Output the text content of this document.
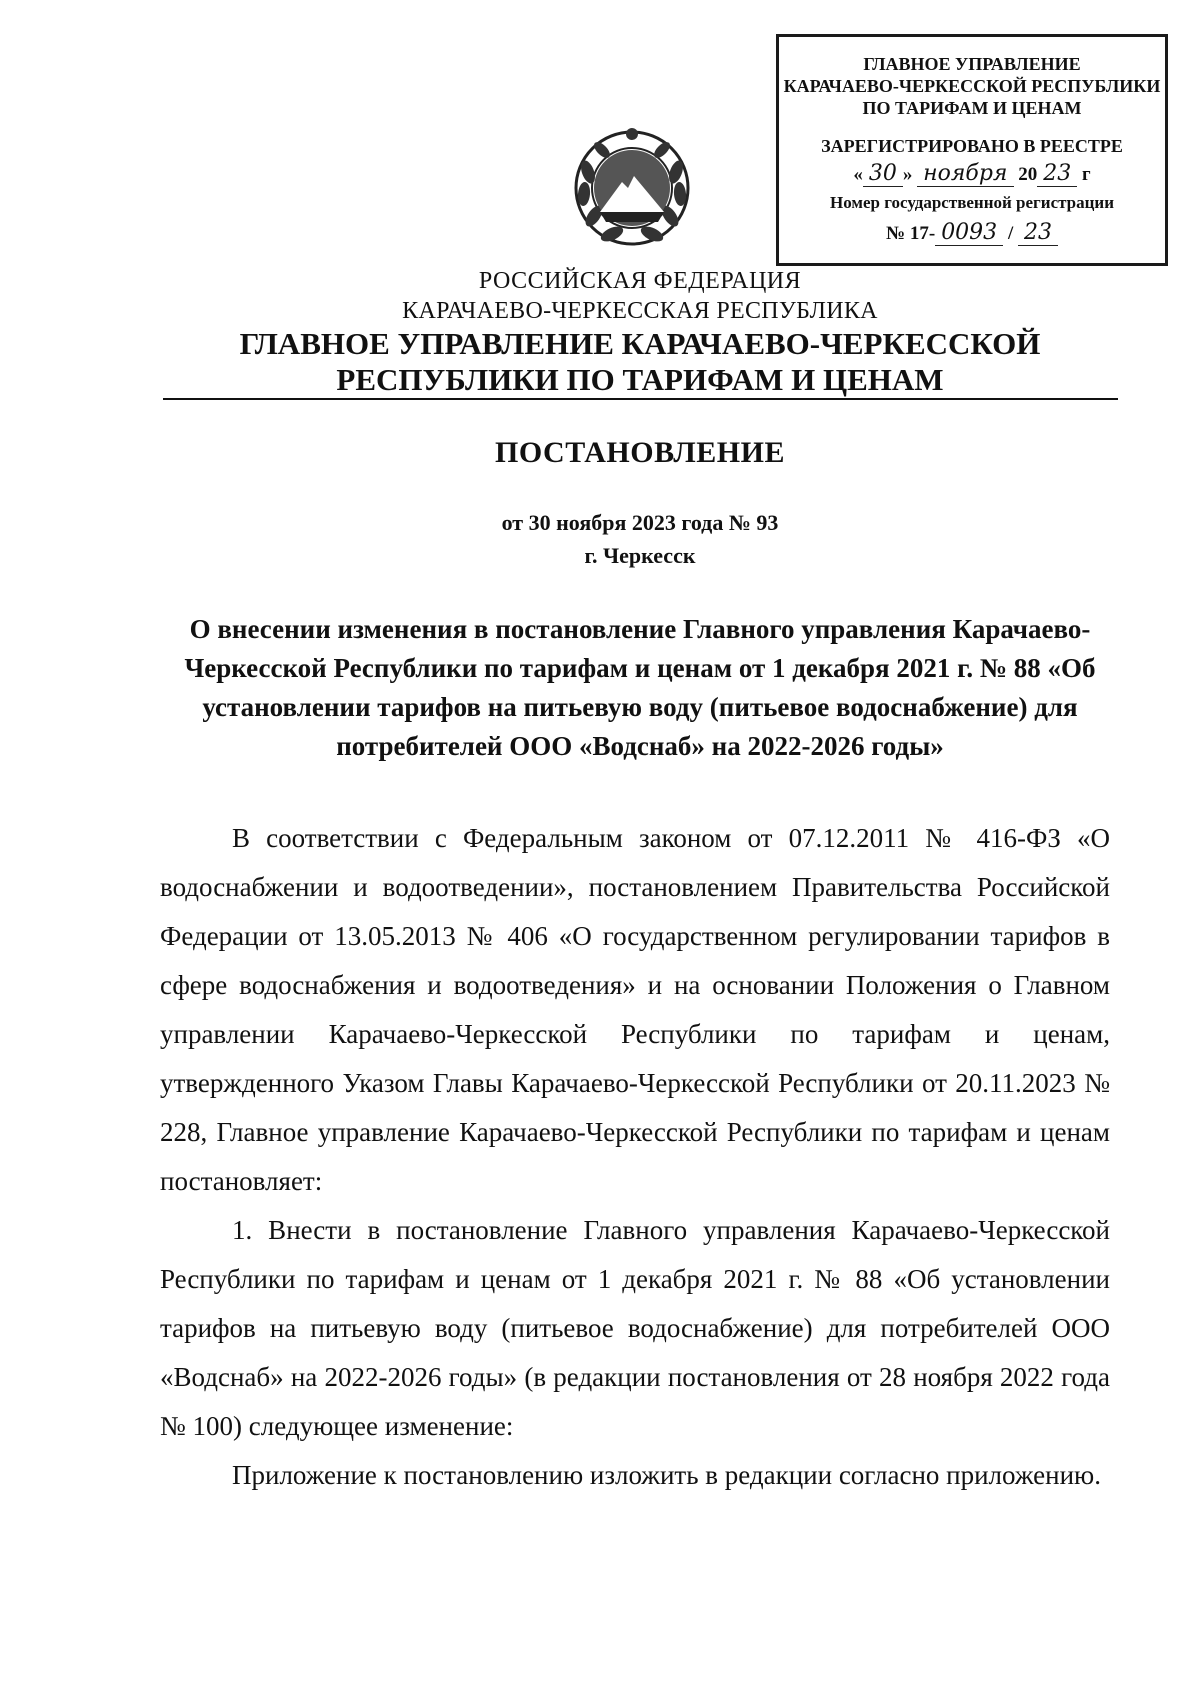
ГЛАВНОЕ УПРАВЛЕНИЕ
КАРАЧАЕВО-ЧЕРКЕССКОЙ РЕСПУБЛИКИ
ПО ТАРИФАМ И ЦЕНАМ
ЗАРЕГИСТРИРОВАНО В РЕЕСТРЕ
« 30 » ноября 20 23 г
Номер государственной регистрации
№ 17- 0093 / 23
РОССИЙСКАЯ ФЕДЕРАЦИЯ
КАРАЧАЕВО-ЧЕРКЕССКАЯ РЕСПУБЛИКА
ГЛАВНОЕ УПРАВЛЕНИЕ КАРАЧАЕВО-ЧЕРКЕССКОЙ
РЕСПУБЛИКИ ПО ТАРИФАМ И ЦЕНАМ
ПОСТАНОВЛЕНИЕ
от 30 ноября 2023 года № 93
г. Черкесск
О внесении изменения в постановление Главного управления Карачаево-Черкесской Республики по тарифам и ценам от 1 декабря 2021 г. № 88 «Об установлении тарифов на питьевую воду (питьевое водоснабжение) для потребителей ООО «Водснаб» на 2022-2026 годы»

В соответствии с Федеральным законом от 07.12.2011 № 416-ФЗ «О водоснабжении и водоотведении», постановлением Правительства Российской Федерации от 13.05.2013 № 406 «О государственном регулировании тарифов в сфере водоснабжения и водоотведения» и на основании Положения о Главном управлении Карачаево-Черкесской Республики по тарифам и ценам, утвержденного Указом Главы Карачаево-Черкесской Республики от 20.11.2023 № 228, Главное управление Карачаево-Черкесской Республики по тарифам и ценам постановляет:

1. Внести в постановление Главного управления Карачаево-Черкесской Республики по тарифам и ценам от 1 декабря 2021 г. № 88 «Об установлении тарифов на питьевую воду (питьевое водоснабжение) для потребителей ООО «Водснаб» на 2022-2026 годы» (в редакции постановления от 28 ноября 2022 года № 100) следующее изменение:

Приложение к постановлению изложить в редакции согласно приложению.
